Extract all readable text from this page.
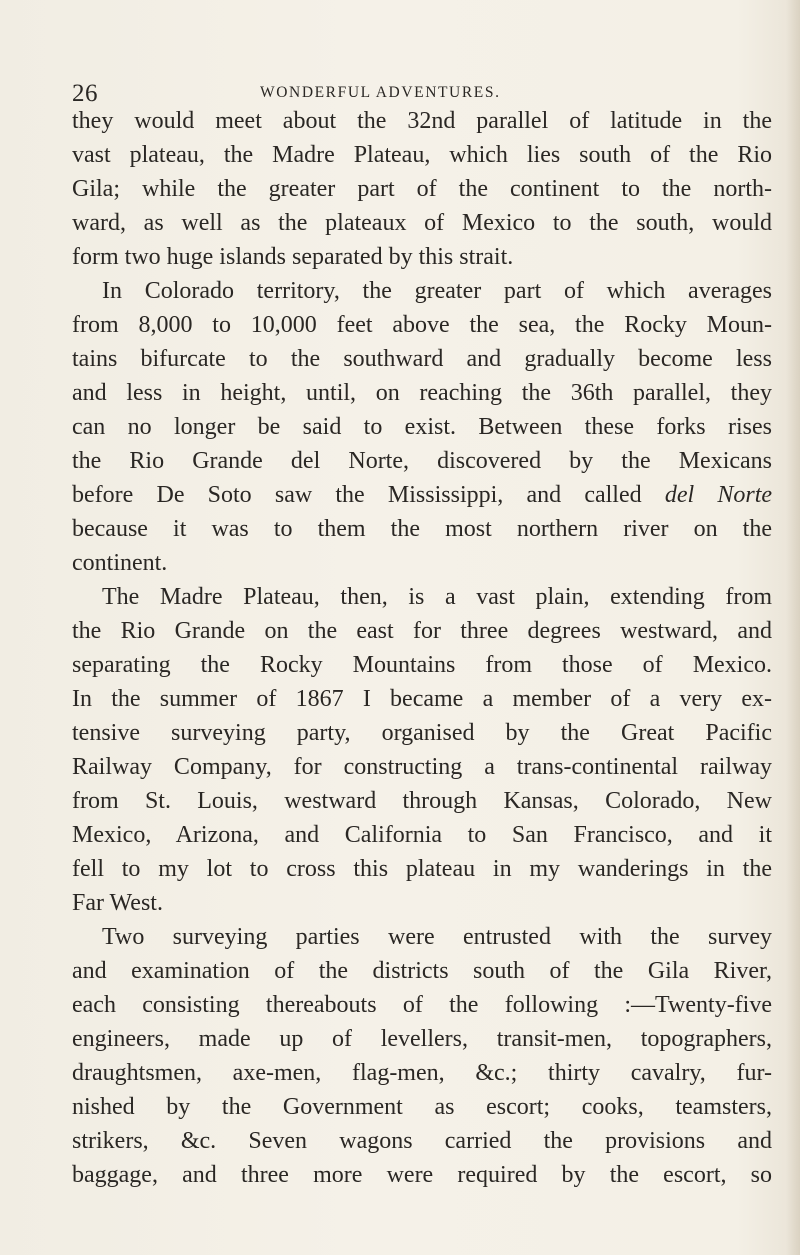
26	WONDERFUL ADVENTURES.
they would meet about the 32nd parallel of latitude in the
vast plateau, the Madre Plateau, which lies south of the Rio
Gila; while the greater part of the continent to the north-
ward, as well as the plateaux of Mexico to the south, would
form two huge islands separated by this strait.
In Colorado territory, the greater part of which averages
from 8,000 to 10,000 feet above the sea, the Rocky Moun-
tains bifurcate to the southward and gradually become less
and less in height, until, on reaching the 36th parallel, they
can no longer be said to exist. Between these forks rises
the Rio Grande del Norte, discovered by the Mexicans
before De Soto saw the Mississippi, and called del Norte
because it was to them the most northern river on the
continent.
The Madre Plateau, then, is a vast plain, extending from
the Rio Grande on the east for three degrees westward, and
separating the Rocky Mountains from those of Mexico.
In the summer of 1867 I became a member of a very ex-
tensive surveying party, organised by the Great Pacific
Railway Company, for constructing a trans-continental railway
from St. Louis, westward through Kansas, Colorado, New
Mexico, Arizona, and California to San Francisco, and it
fell to my lot to cross this plateau in my wanderings in the
Far West.
Two surveying parties were entrusted with the survey
and examination of the districts south of the Gila River,
each consisting thereabouts of the following :—Twenty-five
engineers, made up of levellers, transit-men, topographers,
draughtsmen, axe-men, flag-men, &c.; thirty cavalry, fur-
nished by the Government as escort; cooks, teamsters,
strikers, &c. Seven wagons carried the provisions and
baggage, and three more were required by the escort, so
